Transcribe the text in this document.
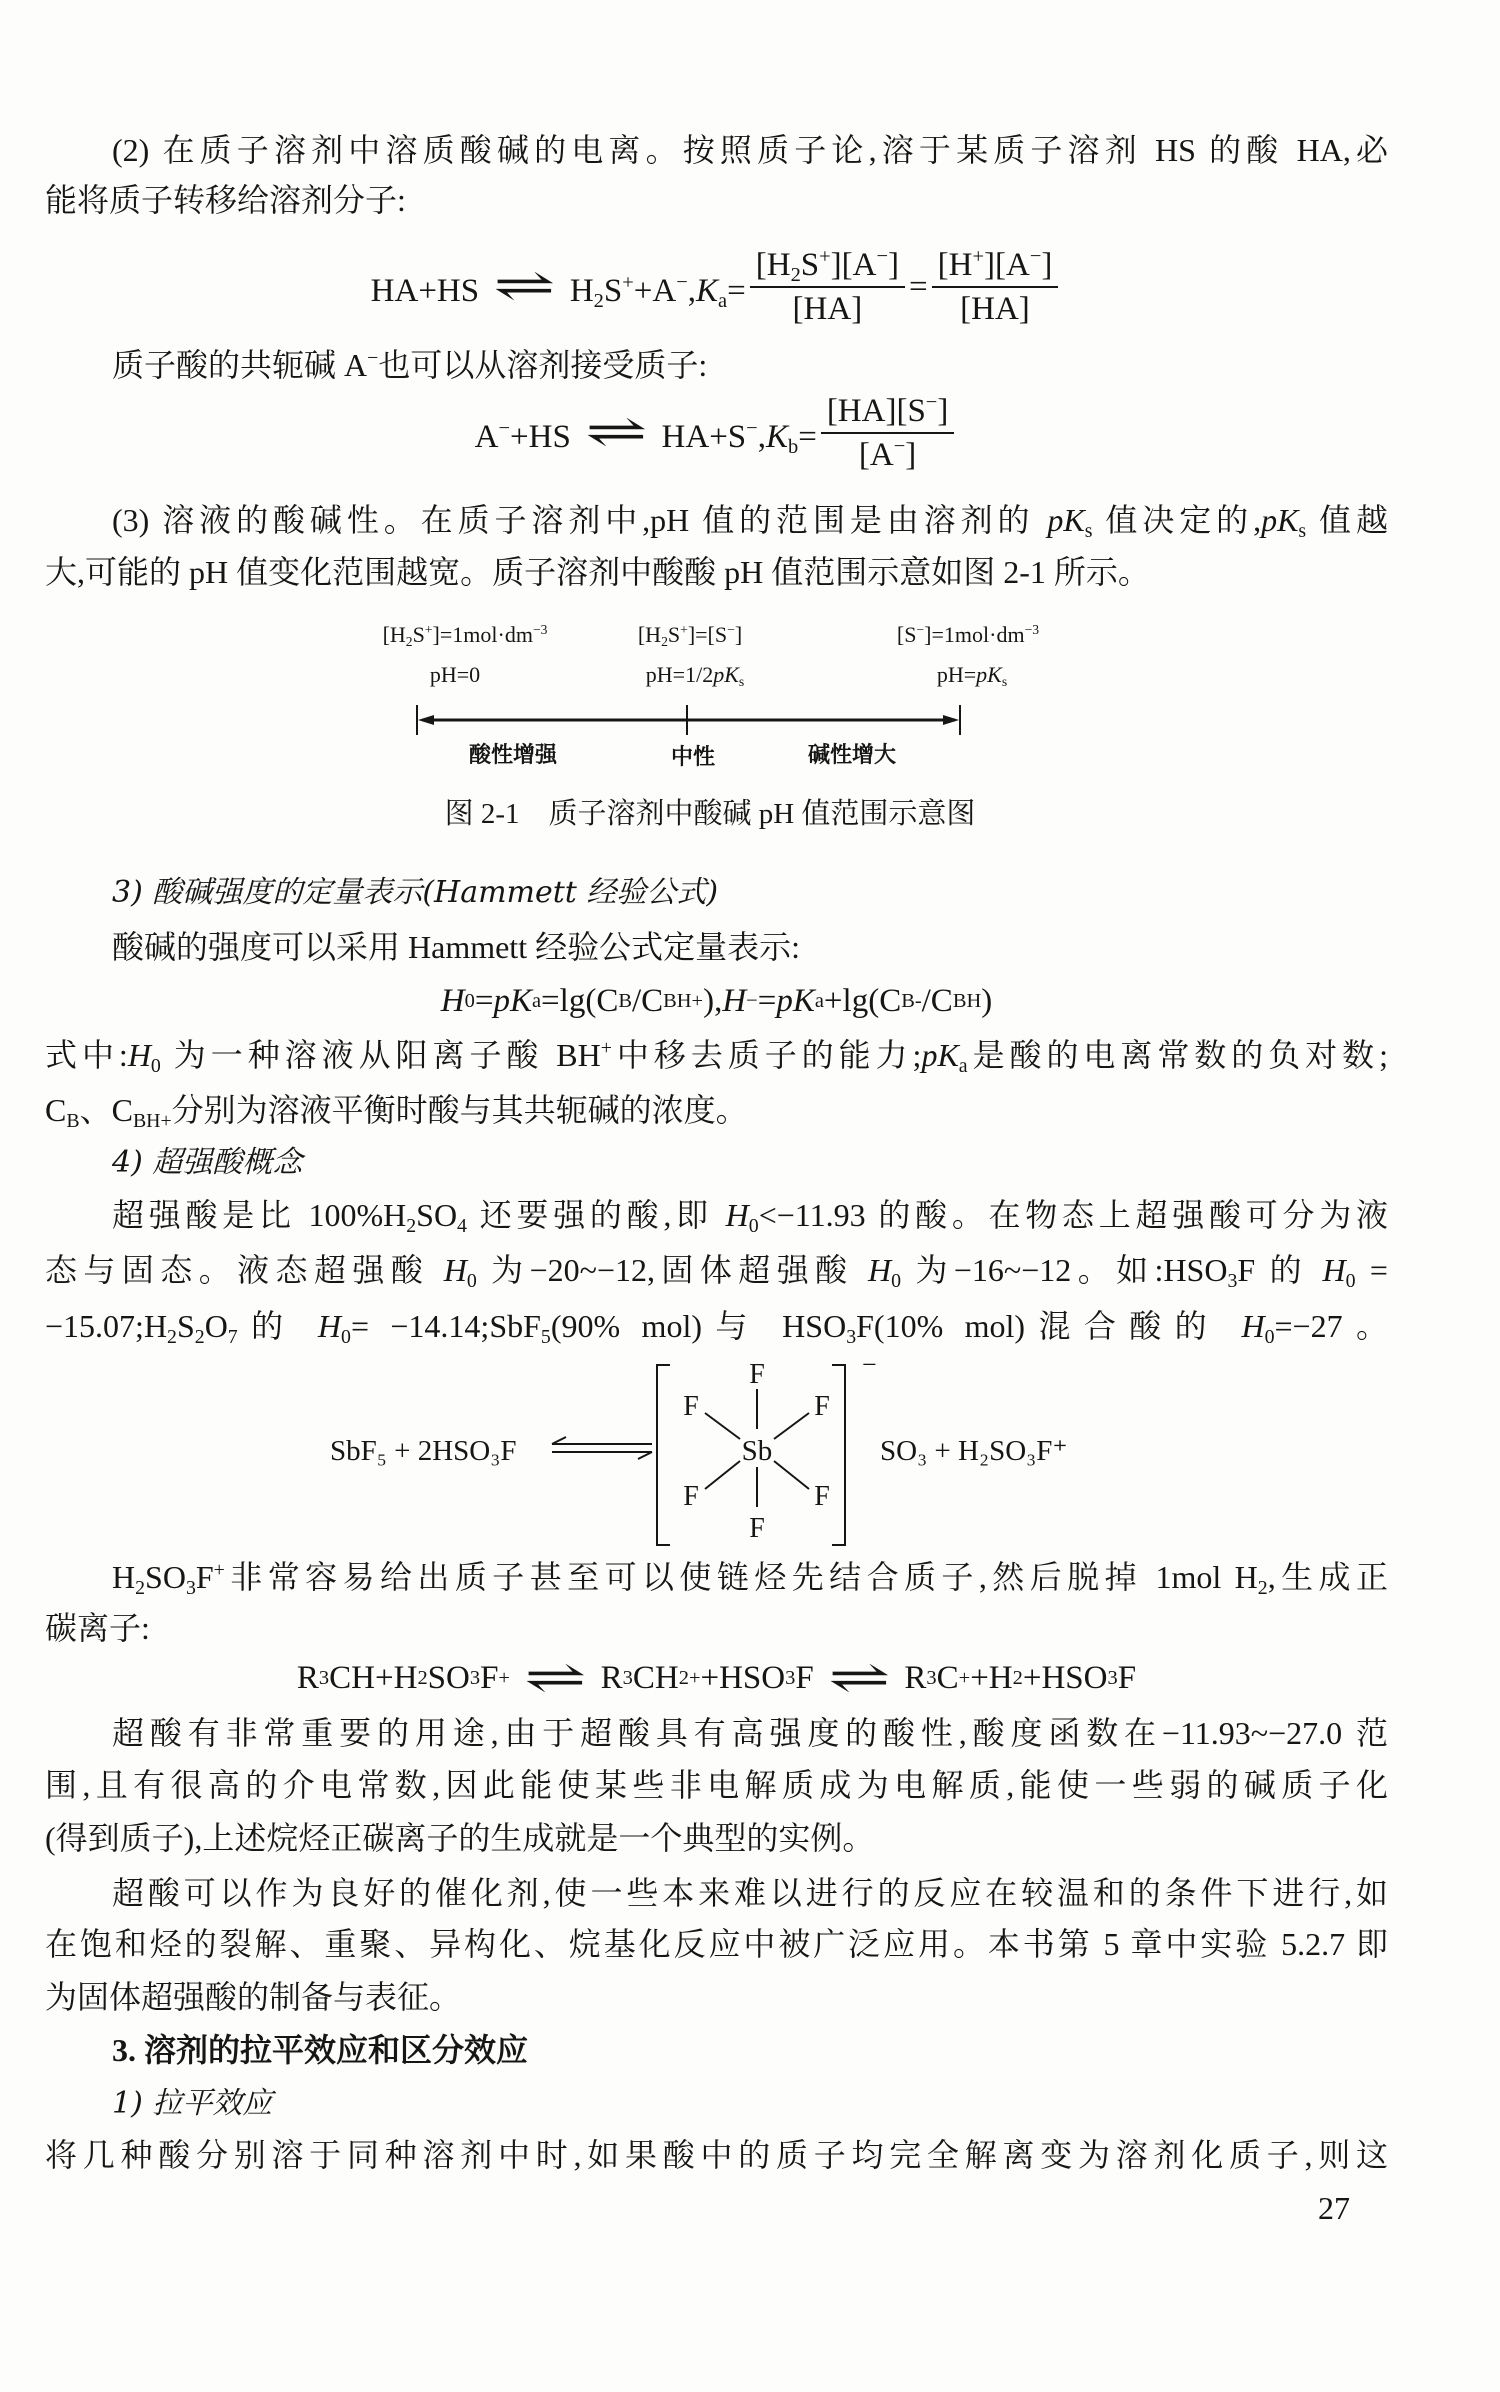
(2) 在质子溶剂中溶质酸碱的电离。按照质子论,溶于某质子溶剂 HS 的酸 HA,必
能将质子转移给溶剂分子:
HA+HS ⇌ $H_2S^++A^-,K_a= \frac{[H_2S^+][A^-]}{[HA]} = \frac{[H^+][A^-]}{[HA]}$
质子酸的共轭碱 A−也可以从溶剂接受质子:
A−+HS ⇌ $HA+S^-,K_b= \frac{[HA][S^-]}{[A^-]}$
(3) 溶液的酸碱性。在质子溶剂中,pH 值的范围是由溶剂的 $pK_s$ 值决定的$,pK_s$ 值越
大,可能的 pH 值变化范围越宽。质子溶剂中酸酸 pH 值范围示意如图 2-1 所示。
$[H_2S^+]=1mol\cdot dm^{-3}$
pH=0
$[H_2S^+]=[S^-]$
$pH=1/2pK_s$
$[S^-]=1mol\cdot dm^{-3}$
$pH=pK_s$
酸性增强	中性	碱性增大
图 2-1　质子溶剂中酸碱 pH 值范围示意图
3) 酸碱强度的定量表示(Hammett 经验公式)
酸碱的强度可以采用 Hammett 经验公式定量表示:
H 0 = pK a =lg(C B /C BH+ ), H − = pK a +lg(C B- /C BH )
式中$:H_0$ 为一种溶液从阳离子酸 BH+中移去质子的能力$;pK_a$是酸的电离常数的负对数;
$C_B$、$C_{BH+}$分别为溶液平衡时酸与其共轭碱的浓度。
4) 超强酸概念
超强酸是比 $100\%H_2SO_4$ 还要强的酸,即 $H_0<-11.93$ 的酸。在物态上超强酸可分为液
态与固态。液态超强酸 $H_0$ 为−20~−12,固体超强酸 $H_0$ 为−16~−12。如$:HSO_3F$ 的 $H_0$ =
$-15.07;H_2S_2O_7$的 $H_0=$ −14.14;SbF$_5$(90% mol)与 $HSO_3F(10\%$ mol)混合酸的 $H_0=-27$。
SbF₅ + 2HSO₃F
−
Sb
F
F
F	F
F	F
SO₃ + H₂SO₃F⁺
$H_2SO_3F^+$非常容易给出质子甚至可以使链烃先结合质子,然后脱掉 1mol $H_2$,生成正
碳离子:
R 3 CH+H 2 SO 3 F + ⇌ R 3 CH 2 + +HSO 3 F ⇌ R 3 C + +H 2 +HSO 3 F
超酸有非常重要的用途,由于超酸具有高强度的酸性,酸度函数在−11.93~−27.0 范
围,且有很高的介电常数,因此能使某些非电解质成为电解质,能使一些弱的碱质子化
(得到质子),上述烷烃正碳离子的生成就是一个典型的实例。
超酸可以作为良好的催化剂,使一些本来难以进行的反应在较温和的条件下进行,如
在饱和烃的裂解、重聚、异构化、烷基化反应中被广泛应用。本书第 5 章中实验 5.2.7 即
为固体超强酸的制备与表征。
3. 溶剂的拉平效应和区分效应
1) 拉平效应
将几种酸分别溶于同种溶剂中时,如果酸中的质子均完全解离变为溶剂化质子,则这
27
